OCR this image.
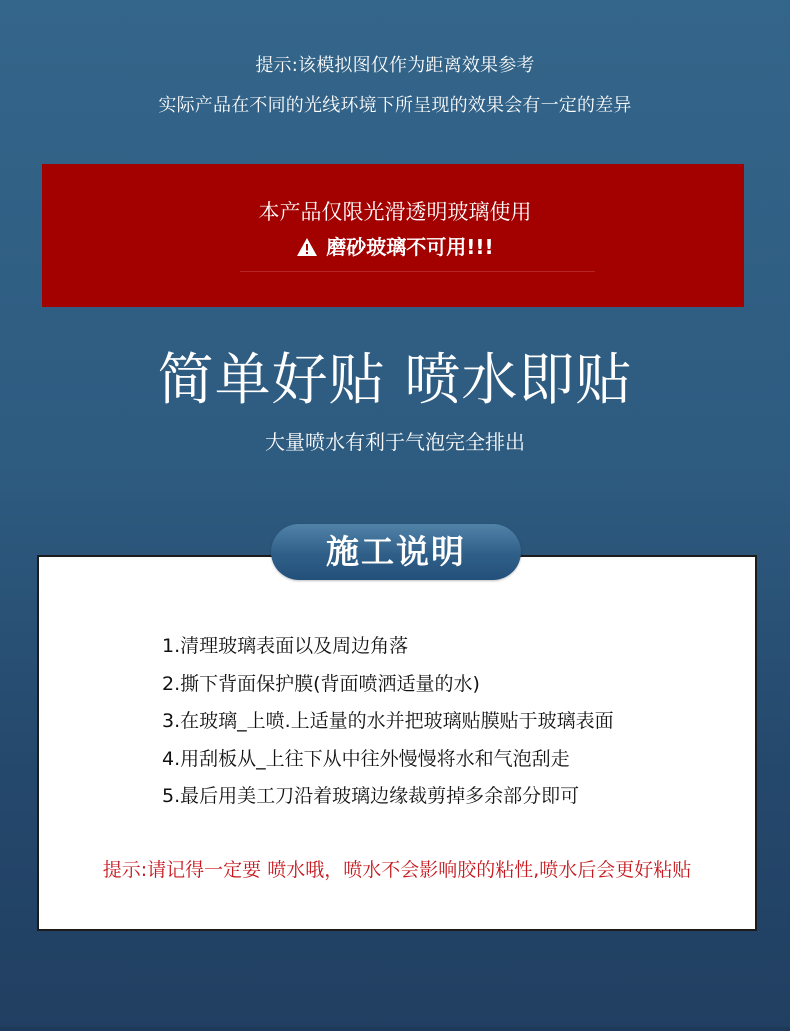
提示:该模拟图仅作为距离效果参考
实际产品在不同的光线环境下所呈现的效果会有一定的差异
本产品仅限光滑透明玻璃使用
磨砂玻璃不可用!!!
简单好贴 喷水即贴
大量喷水有利于气泡完全排出
施工说明
1.清理玻璃表面以及周边角落
2.撕下背面保护膜(背面喷洒适量的水)
3.在玻璃_上喷.上适量的水并把玻璃贴膜贴于玻璃表面
4.用刮板从_上往下从中往外慢慢将水和气泡刮走
5.最后用美工刀沿着玻璃边缘裁剪掉多余部分即可
提示:请记得一定要 喷水哦，喷水不会影响胶的粘性,喷水后会更好粘贴
